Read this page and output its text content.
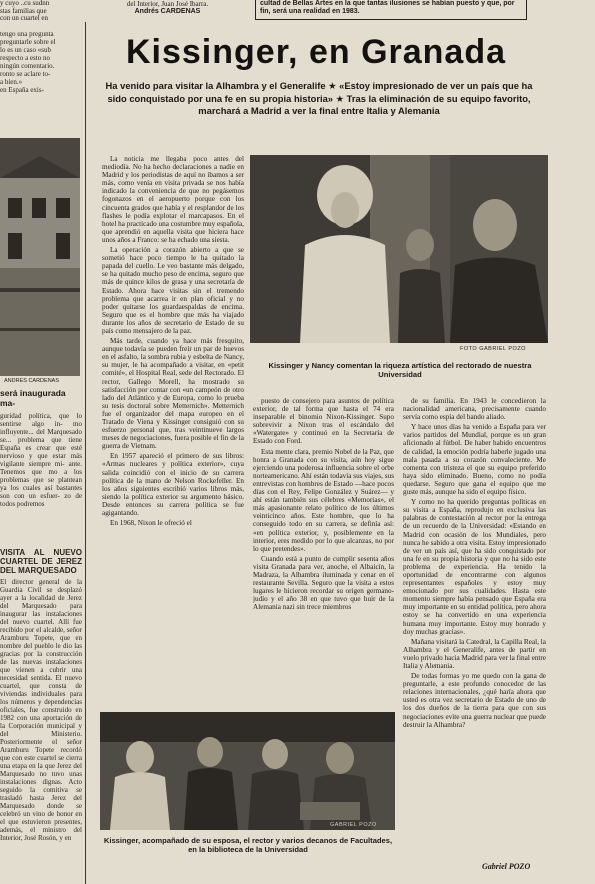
y cuyo ..cu sudnn
stas familias que
con un cuartel en
del Interior, Juan José Ibarra.
Andrés CARDENAS
cultad de Bellas Artes en la que tantas ilusiones se habían puesto y que, por fin, será una realidad en 1983.
tengo una pregunta
preguntarle sobre el
lo es un caso «sub
respecto a esto no
ningún comentario.
ronto se aclare to-
a bien.»
en España exis-
ANDRES CARDENAS
será inaugurada ma-

guridad política, que lo sentirse algo in- mo influyente... del Marquesado se... problema que tiene España es crear que esté nervioso y que estar más vigilante siempre mi- ante. Tenemos que mo a los problemas que se plantean ya los cuales así bastantes son con un esfuer- zo de todos podremos

VISITA AL NUEVO CUARTEL DE JEREZ DEL MARQUESADO

El director general de la Guardia Civil se desplazó ayer a la localidad de Jerez del Marquesado para inaugurar las instalaciones del nuevo cuartel. Allí fue recibido por el alcalde, señor Aramburu Topete, que en nombre del pueblo le dio las gracias por la construcción de las nuevas instalaciones que vienen a cubrir una necesidad sentida. El nuevo cuartel, que consta de viviendas individuales para los números y dependencias oficiales, fue construido en 1982 con una aportación de la Corporación municipal y del Ministerio. Posteriormente el señor Aramburu Topete recordó que con este cuartel se cierra una etapa en la que Jerez del Marquesado no tuvo unas instalaciones dignas. Acto seguido la comitiva se trasladó hasta Jerez del Marquesado donde se celebró un vino de honor en el que estuvieron presentes, además, el ministro del Interior, José Rosón, y en

Kissinger, en Granada
Ha venido para visitar la Alhambra y el Generalife ★ «Estoy impresionado de ver un país que ha sido conquistado por una fe en su propia historia» ★ Tras la eliminación de su equipo favorito, marchará a Madrid a ver la final entre Italia y Alemania

La noticia me llegaba poco antes del mediodía. No ha hecho declaraciones a nadie en Madrid y los periodistas de aquí no íbamos a ser más, como venía en visita privada se nos había indicado la conveniencia de que no pegásemos fogonazos en el aeropuerto porque con los cincuenta grados que había y el resplandor de los flashes le podía explotar el marcapasos. En el hotel ha practicado una costumbre muy española, que aprendió en aquella visita que hiciera hace unos años a Franco: se ha echado una siesta.

La operación a corazón abierto a que se sometió hace poco tiempo le ha quitado la papada del cuello. Le veo bastante más delgado, se ha quitado mucho peso de encima, seguro que más de quince kilos de grasa y una secretaría de Estado. Ahora hace visitas sin el tremendo problema que acarrea ir en plan oficial y no poder quitarse los guardaespaldas de encima. Seguro que es el hombre que más ha viajado durante los años de secretario de Estado de su país como mensajero de la paz.

Más tarde, cuando ya hace más fresquito, aunque todavía se pueden freír un par de huevos en el asfalto, la sombra rubia y esbelta de Nancy, su mujer, le ha acompañado a visitar, en «petit comité», el Hospital Real, sede del Rectorado. El rector, Gallego Morell, ha mostrado su satisfacción por contar con «un campeón de otro lado del Atlántico y de Europa, como lo prueba su tesis doctoral sobre Metternich». Metternich fue el organizador del mapa europeo en el Tratado de Viena y Kissinger consiguió con su esfuerzo personal que, tras veintinueve largos meses de negociaciones, fuera posible el fin de la guerra de Vietnam.

En 1957 apareció el primero de sus libros: «Armas nucleares y política exterior», cuya salida coincidió con el inicio de su carrera política de la mano de Nelson Rockefeller. En los años siguientes escribió varios libros más, siendo la política exterior su argumento básico. Desde entonces su carrera política se fue agigantando.

En 1968, Nixon le ofreció el

FOTO GABRIEL POZO
Kissinger y Nancy comentan la riqueza artística del rectorado de nuestra Universidad

puesto de consejero para asuntos de política exterior, de tal forma que hasta el 74 era inseparable el binomio Nixon-Kissinger. Supo sobrevivir a Nixon tras el escándalo del «Watergate» y continuó en la Secretaría de Estado con Ford.

Esta mente clara, premio Nobel de la Paz, que honra a Granada con su visita, aún hoy sigue ejerciendo una poderosa influencia sobre el orbe norteamericano. Ahí están todavía sus viajes, sus entrevistas con hombres de Estado —hace pocos días con el Rey, Felipe González y Suárez— y ahí están también sus célebres «Memorias», el más apasionante relato político de los últimos veinticinco años. Este hombre, que lo ha conseguido todo en su carrera, se definía así: «en política exterior, y, posiblemente en la interior, eres medido por lo que alcanzas, no por lo que pretendes».

Cuando está a punto de cumplir sesenta años visita Granada para ver, anoche, el Albaicín, la Madraza, la Alhambra iluminada y cenar en el restaurante Sevilla. Seguro que la visita a estos lugares le hicieron recordar su origen germano-judío y el año 38 en que tuvo que huir de la Alemania nazi sin trece miembros

de su familia. En 1943 le concedieron la nacionalidad americana, precisamente cuando servía como espía del bando aliado.

Y hace unos días ha venido a España para ver varios partidos del Mundial, porque es un gran aficionado al fútbol. De haber habido encuentros de calidad, la emoción podría haberle jugado una mala pasada a su corazón convaleciente. Me comenta con tristeza el que su equipo preferido haya sido eliminado. Bueno, como no podía quedarse. Seguro que gana el equipo que me guste más, aunque ha sido el equipo físico.

Y como no ha querido preguntas políticas en su visita a España, reprodujo en exclusiva las palabras de contestación al rector por la entrega de un recuerdo de la Universidad: «Estando en Madrid con ocasión de los Mundiales, pero nunca he sabido a otra visita. Estoy impresionado de ver un país así, que ha sido conquistado por una fe en su propia historia y que no ha sido este problema de experiencia. Ha tenido la oportunidad de encontrarme con algunos representantes españoles y estoy muy emocionado por sus cualidades. Hasta este momento siempre había pensado que España era muy importante en su entidad política, pero ahora estoy se ha convertido en una experiencia humana muy importante. Estoy muy honrado y doy muchas gracias».

Mañana visitará la Catedral, la Capilla Real, la Alhambra y el Generalife, antes de partir en vuelo privado hacia Madrid para ver la final entre Italia y Alemania.

De todas formas yo me quedo con la gana de preguntarle, a este profundo conocedor de las relaciones internacionales, ¿qué haría ahora que usted es otra vez secretario de Estado de uno de los dos dueños de la tierra para que con sus negociaciones evite una guerra nuclear que puede destruir la Alhambra?

Gabriel POZO
GABRIEL POZO
Kissinger, acompañado de su esposa, el rector y varios decanos de Facultades, en la biblioteca de la Universidad
